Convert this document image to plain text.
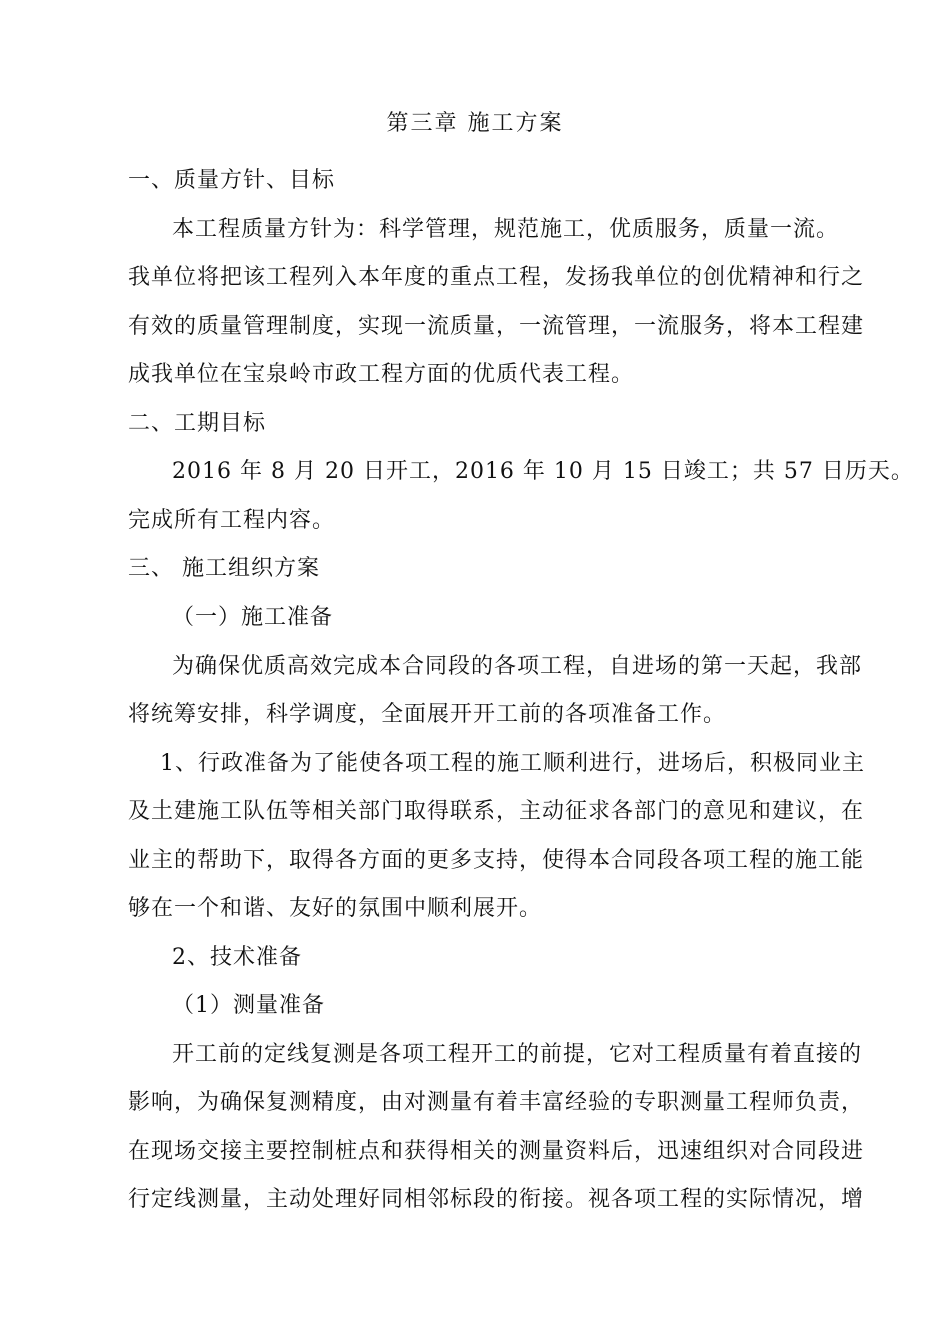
第三章 施工方案
一、质量方针、目标
本工程质量方针为：科学管理，规范施工，优质服务，质量一流。
我单位将把该工程列入本年度的重点工程，发扬我单位的创优精神和行之
有效的质量管理制度，实现一流质量，一流管理，一流服务，将本工程建
成我单位在宝泉岭市政工程方面的优质代表工程。
二、工期目标
2016 年 8 月 20 日开工，2016 年 10 月 15 日竣工；共 57 日历天。
完成所有工程内容。
三、 施工组织方案
（一）施工准备
为确保优质高效完成本合同段的各项工程，自进场的第一天起，我部
将统筹安排，科学调度，全面展开开工前的各项准备工作。
1、行政准备为了能使各项工程的施工顺利进行，进场后，积极同业主
及土建施工队伍等相关部门取得联系，主动征求各部门的意见和建议，在
业主的帮助下，取得各方面的更多支持，使得本合同段各项工程的施工能
够在一个和谐、友好的氛围中顺利展开。
2、技术准备
（1）测量准备
开工前的定线复测是各项工程开工的前提，它对工程质量有着直接的
影响，为确保复测精度，由对测量有着丰富经验的专职测量工程师负责，
在现场交接主要控制桩点和获得相关的测量资料后，迅速组织对合同段进
行定线测量，主动处理好同相邻标段的衔接。视各项工程的实际情况，增
